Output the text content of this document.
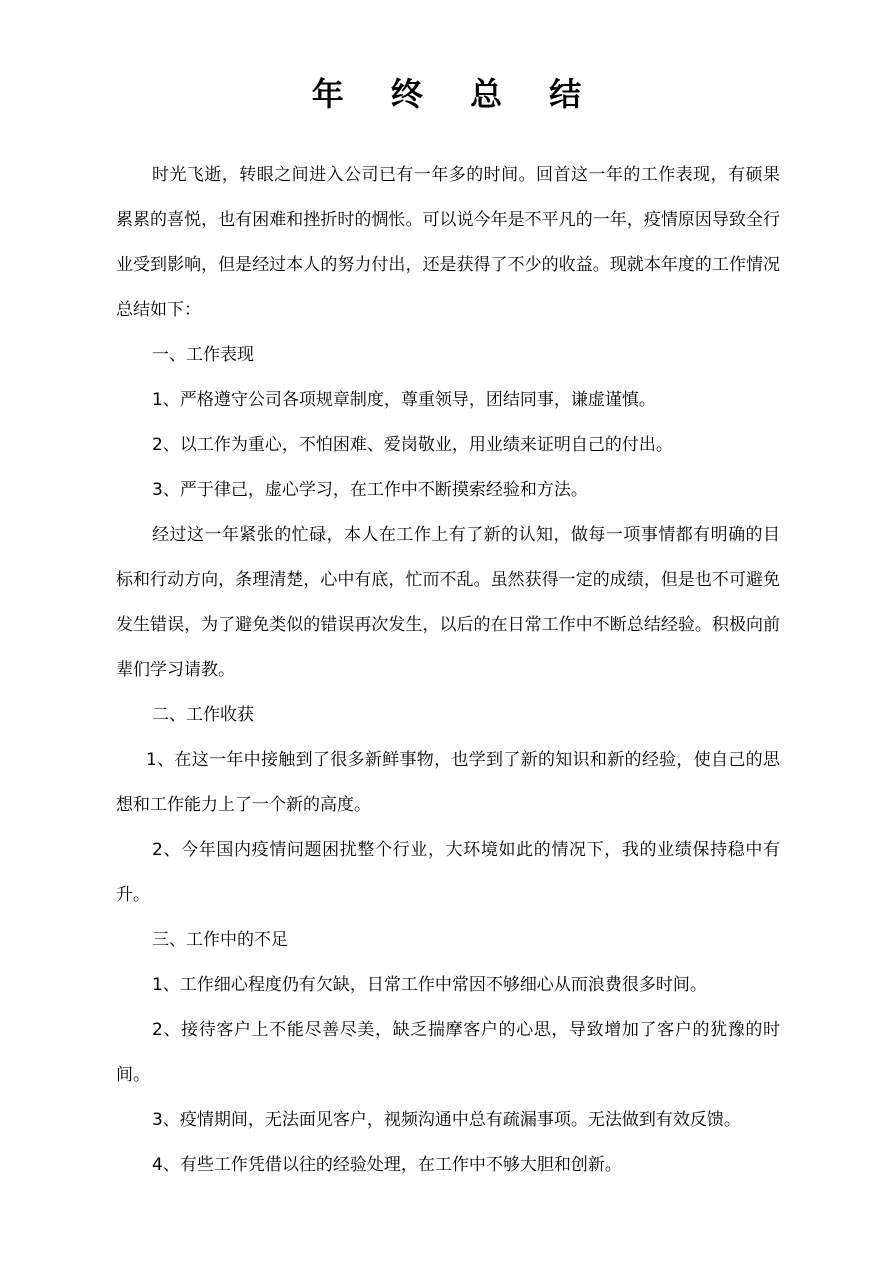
年 终 总 结

时光飞逝，转眼之间进入公司已有一年多的时间。回首这一年的工作表现，有硕果累累的喜悦，也有困难和挫折时的惆怅。可以说今年是不平凡的一年，疫情原因导致全行业受到影响，但是经过本人的努力付出，还是获得了不少的收益。现就本年度的工作情况总结如下：

一、工作表现

1、严格遵守公司各项规章制度，尊重领导，团结同事，谦虚谨慎。

2、以工作为重心，不怕困难、爱岗敬业，用业绩来证明自己的付出。

3、严于律己，虚心学习，在工作中不断摸索经验和方法。

经过这一年紧张的忙碌，本人在工作上有了新的认知，做每一项事情都有明确的目标和行动方向，条理清楚，心中有底，忙而不乱。虽然获得一定的成绩，但是也不可避免发生错误，为了避免类似的错误再次发生，以后的在日常工作中不断总结经验。积极向前辈们学习请教。

二、工作收获

1、在这一年中接触到了很多新鲜事物，也学到了新的知识和新的经验，使自己的思想和工作能力上了一个新的高度。

2、今年国内疫情问题困扰整个行业，大环境如此的情况下，我的业绩保持稳中有升。

三、工作中的不足

1、工作细心程度仍有欠缺，日常工作中常因不够细心从而浪费很多时间。

2、接待客户上不能尽善尽美，缺乏揣摩客户的心思，导致增加了客户的犹豫的时间。

3、疫情期间，无法面见客户，视频沟通中总有疏漏事项。无法做到有效反馈。

4、有些工作凭借以往的经验处理，在工作中不够大胆和创新。
